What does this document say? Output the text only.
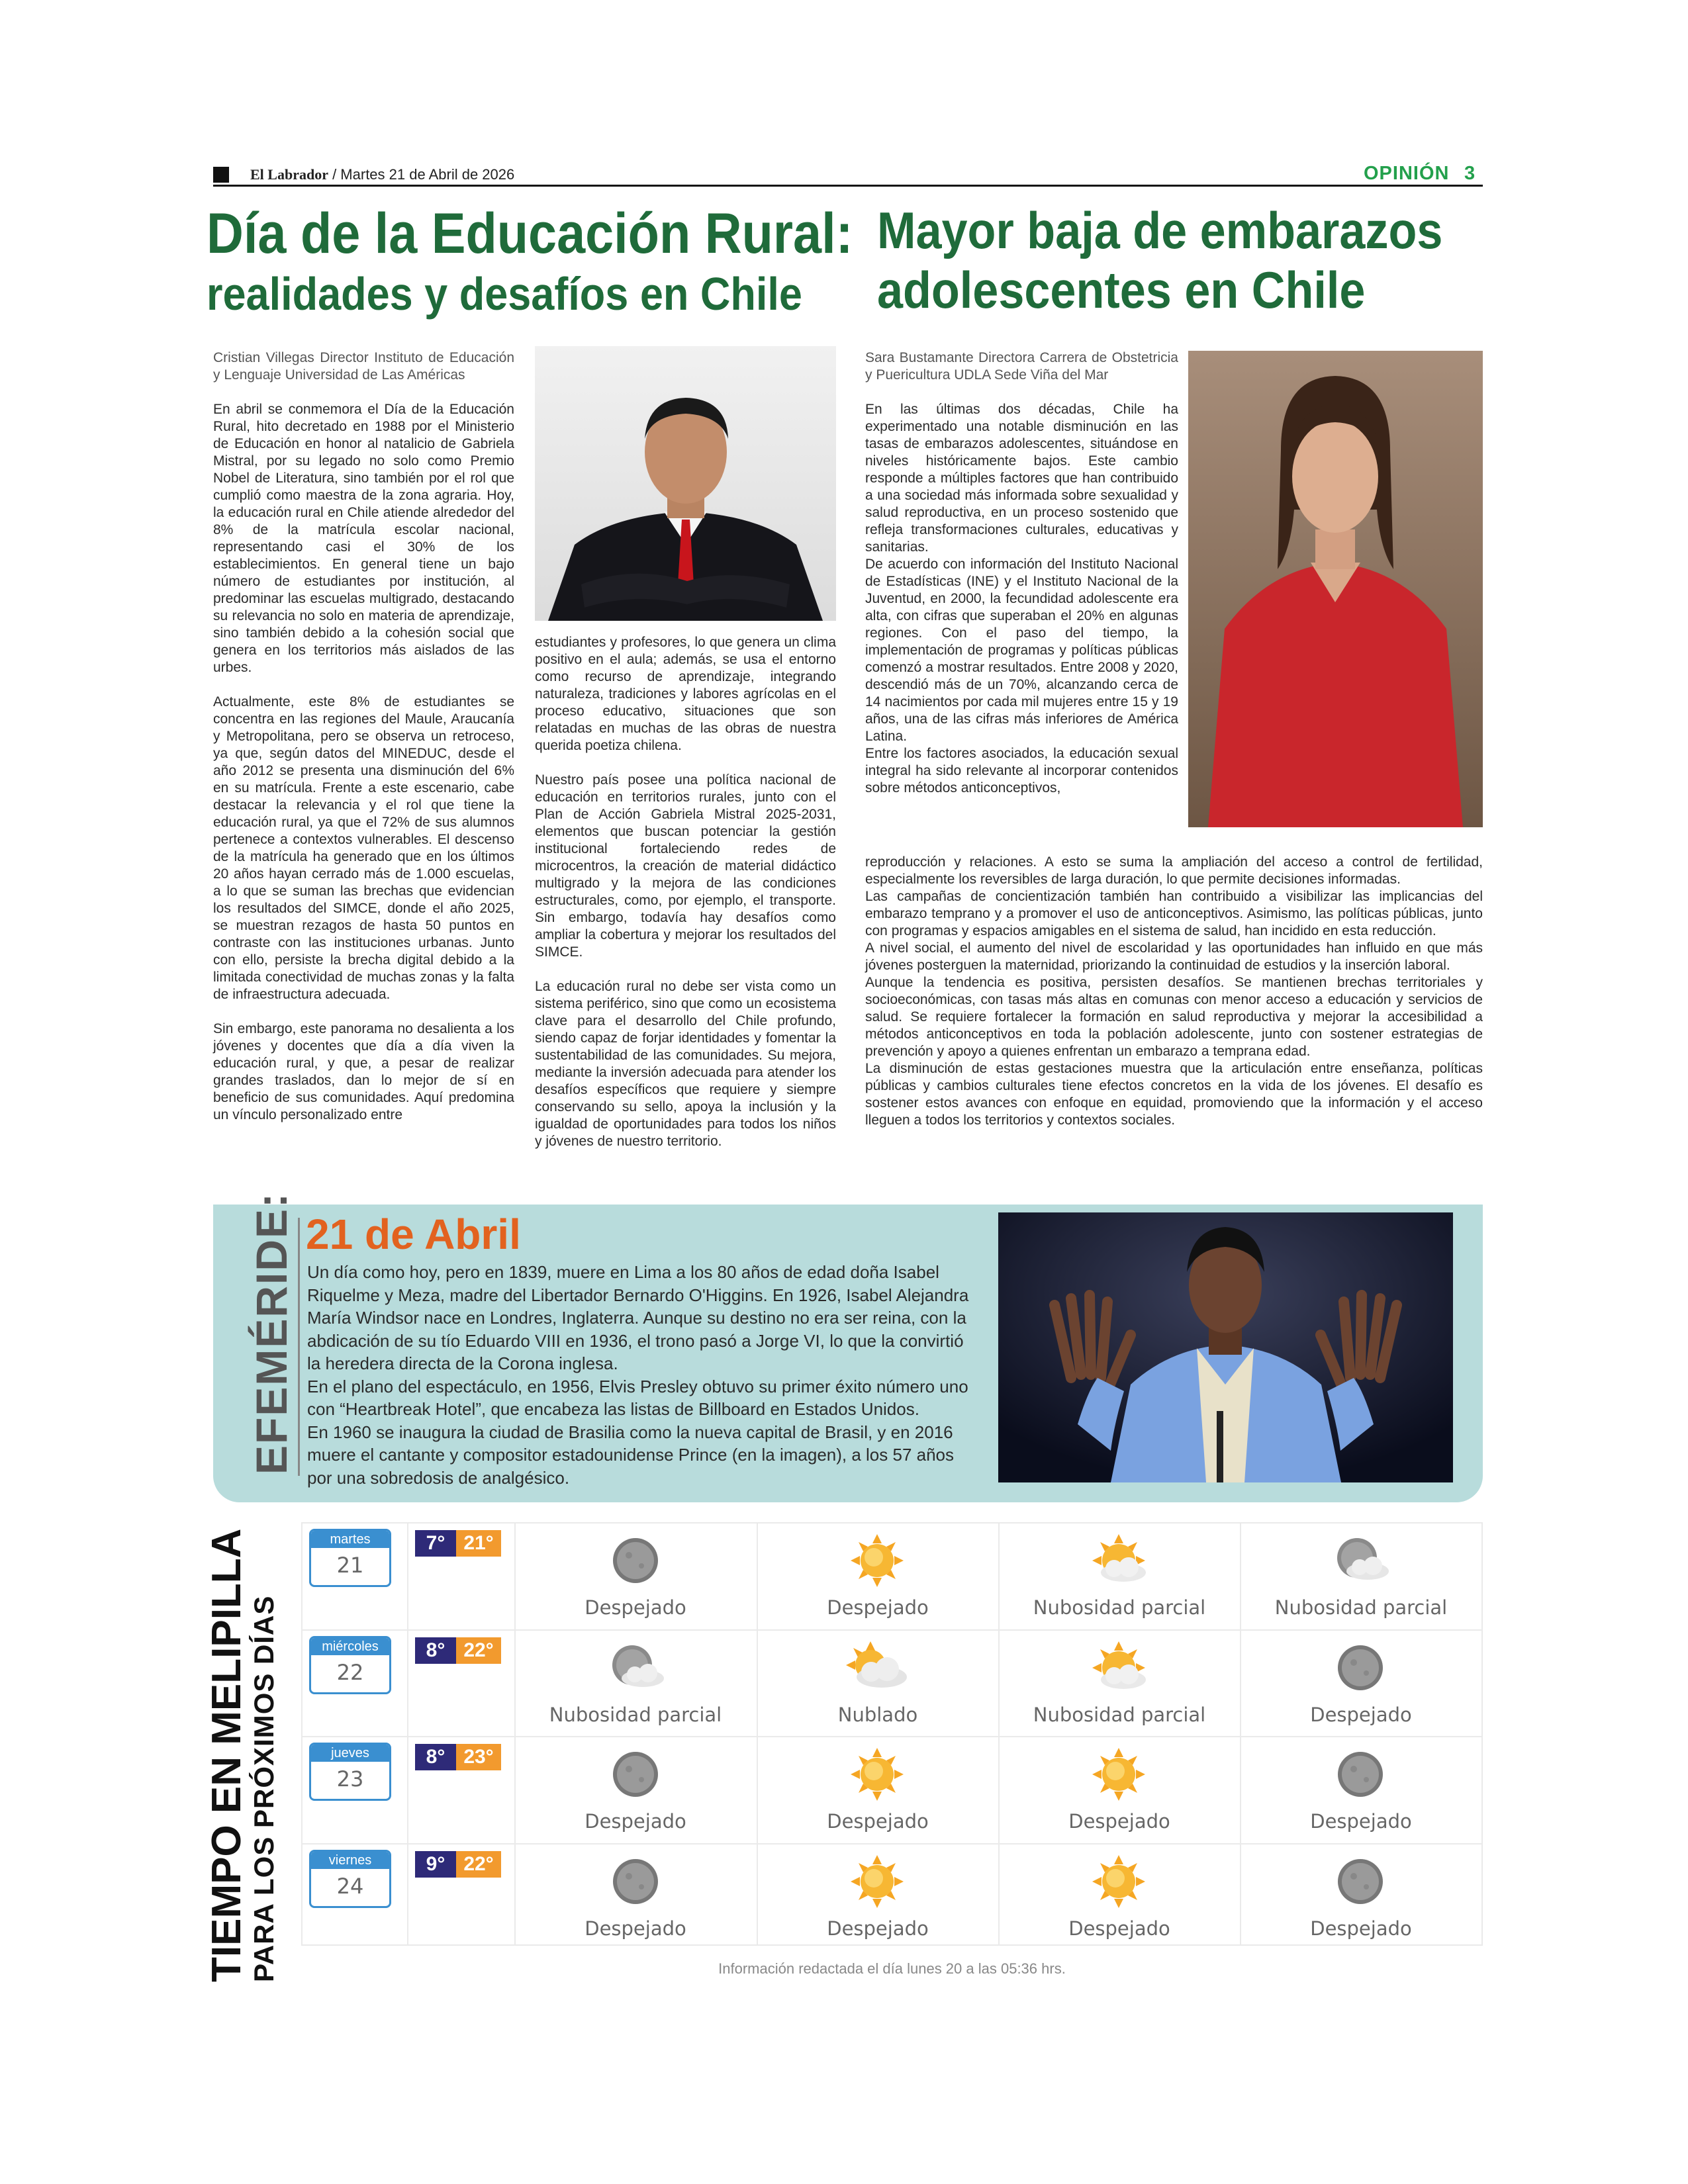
El Labrador / Martes 21 de Abril de 2026	OPINIÓN 3
Día de la Educación Rural:
realidades y desafíos en Chile

Cristian Villegas Director Instituto de Educación y Lenguaje Universidad de Las Américas

En abril se conmemora el Día de la Educación Rural, hito decretado en 1988 por el Ministerio de Educación en honor al natalicio de Gabriela Mistral, por su legado no solo como Premio Nobel de Literatura, sino también por el rol que cumplió como maestra de la zona agraria. Hoy, la educación rural en Chile atiende alrededor del 8% de la matrícula escolar nacional, representando casi el 30% de los establecimientos. En general tiene un bajo número de estudiantes por institución, al predominar las escuelas multigrado, destacando su relevancia no solo en materia de aprendizaje, sino también debido a la cohesión social que genera en los territorios más aislados de las urbes.

Actualmente, este 8% de estudiantes se concentra en las regiones del Maule, Araucanía y Metropolitana, pero se observa un retroceso, ya que, según datos del MINEDUC, desde el año 2012 se presenta una disminución del 6% en su matrícula. Frente a este escenario, cabe destacar la relevancia y el rol que tiene la educación rural, ya que el 72% de sus alumnos pertenece a contextos vulnerables. El descenso de la matrícula ha generado que en los últimos 20 años hayan cerrado más de 1.000 escuelas, a lo que se suman las brechas que evidencian los resultados del SIMCE, donde el año 2025, se muestran rezagos de hasta 50 puntos en contraste con las instituciones urbanas. Junto con ello, persiste la brecha digital debido a la limitada conectividad de muchas zonas y la falta de infraestructura adecuada.

Sin embargo, este panorama no desalienta a los jóvenes y docentes que día a día viven la educación rural, y que, a pesar de realizar grandes traslados, dan lo mejor de sí en beneficio de sus comunidades. Aquí predomina un vínculo personalizado entre

estudiantes y profesores, lo que genera un clima positivo en el aula; además, se usa el entorno como recurso de aprendizaje, integrando naturaleza, tradiciones y labores agrícolas en el proceso educativo, situaciones que son relatadas en muchas de las obras de nuestra querida poetiza chilena.

Nuestro país posee una política nacional de educación en territorios rurales, junto con el Plan de Acción Gabriela Mistral 2025-2031, elementos que buscan potenciar la gestión institucional fortaleciendo redes de microcentros, la creación de material didáctico multigrado y la mejora de las condiciones estructurales, como, por ejemplo, el transporte. Sin embargo, todavía hay desafíos como ampliar la cobertura y mejorar los resultados del SIMCE.

La educación rural no debe ser vista como un sistema periférico, sino que como un ecosistema clave para el desarrollo del Chile profundo, siendo capaz de forjar identidades y fomentar la sustentabilidad de las comunidades. Su mejora, mediante la inversión adecuada para atender los desafíos específicos que requiere y siempre conservando su sello, apoya la inclusión y la igualdad de oportunidades para todos los niños y jóvenes de nuestro territorio.

Mayor baja de embarazos
adolescentes en Chile

Sara Bustamante Directora Carrera de Obstetricia y Puericultura UDLA Sede Viña del Mar

En las últimas dos décadas, Chile ha experimentado una notable disminución en las tasas de embarazos adolescentes, situándose en niveles históricamente bajos. Este cambio responde a múltiples factores que han contribuido a una sociedad más informada sobre sexualidad y salud reproductiva, en un proceso sostenido que refleja transformaciones culturales, educativas y sanitarias.

De acuerdo con información del Instituto Nacional de Estadísticas (INE) y el Instituto Nacional de la Juventud, en 2000, la fecundidad adolescente era alta, con cifras que superaban el 20% en algunas regiones. Con el paso del tiempo, la implementación de programas y políticas públicas comenzó a mostrar resultados. Entre 2008 y 2020, descendió más de un 70%, alcanzando cerca de 14 nacimientos por cada mil mujeres entre 15 y 19 años, una de las cifras más inferiores de América Latina.

Entre los factores asociados, la educación sexual integral ha sido relevante al incorporar contenidos sobre métodos anticonceptivos,

reproducción y relaciones. A esto se suma la ampliación del acceso a control de fertilidad, especialmente los reversibles de larga duración, lo que permite decisiones informadas.

Las campañas de concientización también han contribuido a visibilizar las implicancias del embarazo temprano y a promover el uso de anticonceptivos. Asimismo, las políticas públicas, junto con programas y espacios amigables en el sistema de salud, han incidido en esta reducción.

A nivel social, el aumento del nivel de escolaridad y las oportunidades han influido en que más jóvenes posterguen la maternidad, priorizando la continuidad de estudios y la inserción laboral.

Aunque la tendencia es positiva, persisten desafíos. Se mantienen brechas territoriales y socioeconómicas, con tasas más altas en comunas con menor acceso a educación y servicios de salud. Se requiere fortalecer la formación en salud reproductiva y mejorar la accesibilidad a métodos anticonceptivos en toda la población adolescente, junto con sostener estrategias de prevención y apoyo a quienes enfrentan un embarazo a temprana edad.

La disminución de estas gestaciones muestra que la articulación entre enseñanza, políticas públicas y cambios culturales tiene efectos concretos en la vida de los jóvenes. El desafío es sostener estos avances con enfoque en equidad, promoviendo que la información y el acceso lleguen a todos los territorios y contextos sociales.

EFEMÉRIDE: 21 de Abril

Un día como hoy, pero en 1839, muere en Lima a los 80 años de edad doña Isabel Riquelme y Meza, madre del Libertador Bernardo O'Higgins. En 1926, Isabel Alejandra María Windsor nace en Londres, Inglaterra. Aunque su destino no era ser reina, con la abdicación de su tío Eduardo VIII en 1936, el trono pasó a Jorge VI, lo que la convirtió la heredera directa de la Corona inglesa.

En el plano del espectáculo, en 1956, Elvis Presley obtuvo su primer éxito número uno con “Heartbreak Hotel”, que encabeza las listas de Billboard en Estados Unidos.

En 1960 se inaugura la ciudad de Brasilia como la nueva capital de Brasil, y en 2016 muere el cantante y compositor estadounidense Prince (en la imagen), a los 57 años por una sobredosis de analgésico.

TIEMPO EN MELIPILLA
PARA LOS PRÓXIMOS DÍAS
martes
21
7° 21°
Despejado	Despejado	Nubosidad parcial	Nubosidad parcial
miércoles
22
8° 22°
Nubosidad parcial	Nublado	Nubosidad parcial	Despejado
jueves
23
8° 23°
Despejado	Despejado	Despejado	Despejado
viernes
24
9° 22°
Despejado	Despejado	Despejado	Despejado
Información redactada el día lunes 20 a las 05:36 hrs.
